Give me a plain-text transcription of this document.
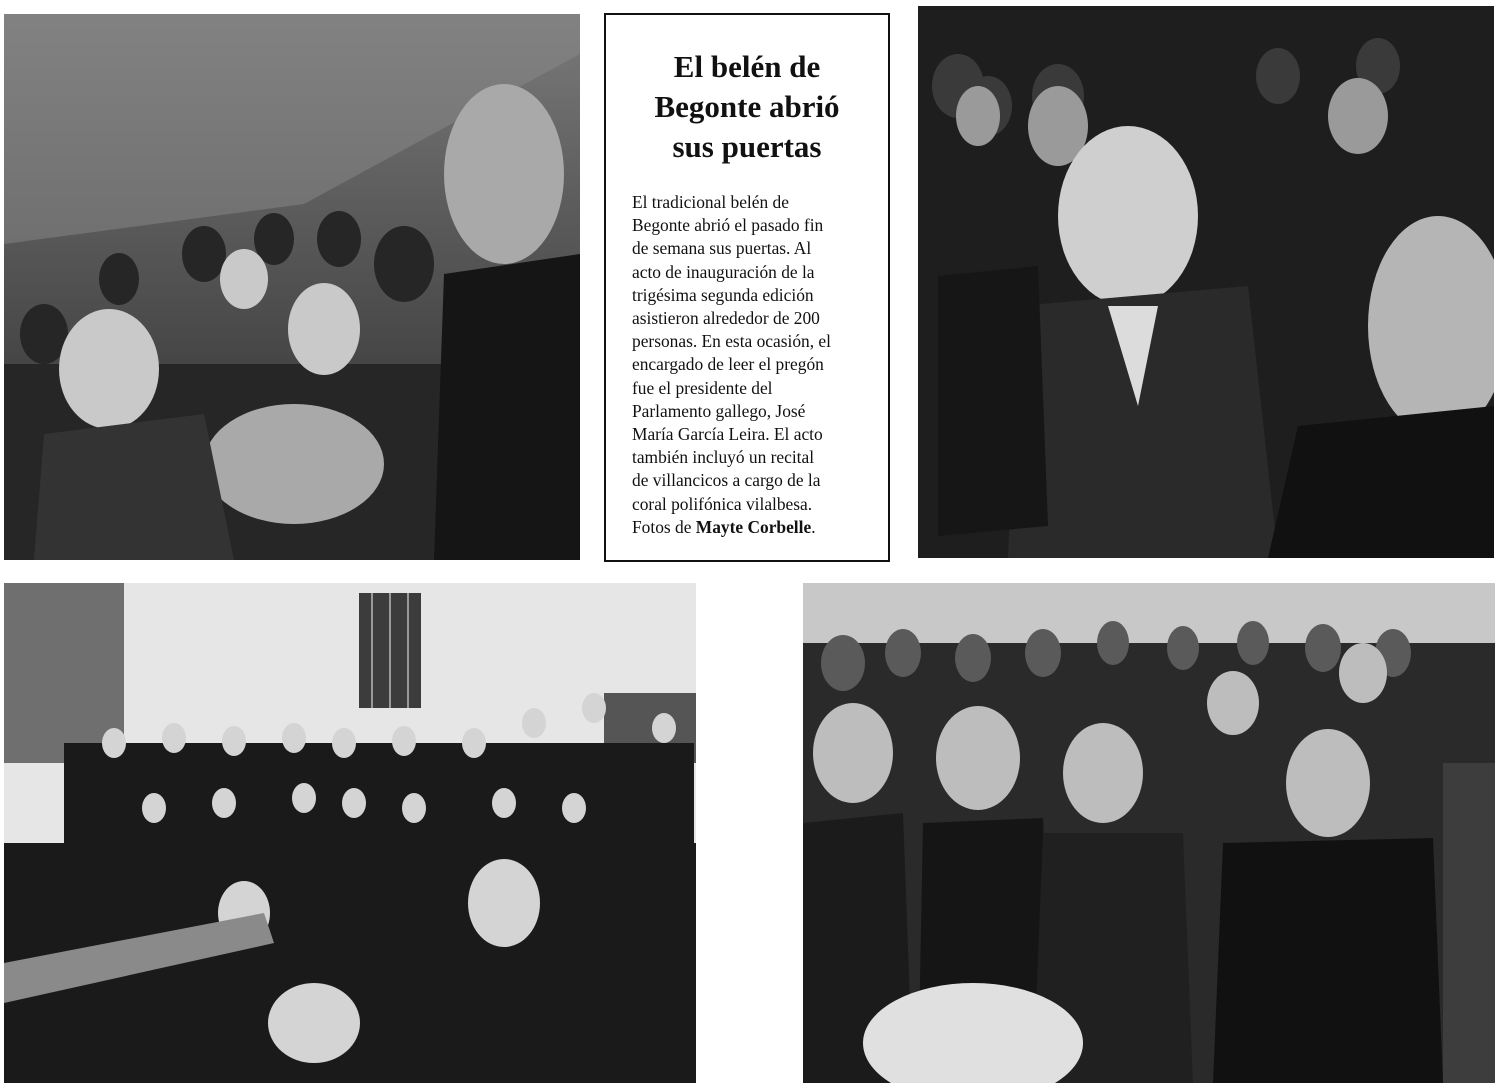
El belén de
Begonte abrió
sus puertas
El tradicional belén de
Begonte abrió el pasado fin
de semana sus puertas. Al
acto de inauguración de la
trigésima segunda edición
asistieron alrededor de 200
personas. En esta ocasión, el
encargado de leer el pregón
fue el presidente del
Parlamento gallego, José
María García Leira. El acto
también incluyó un recital
de villancicos a cargo de la
coral polifónica vilalbesa.
Fotos de Mayte Corbelle.
